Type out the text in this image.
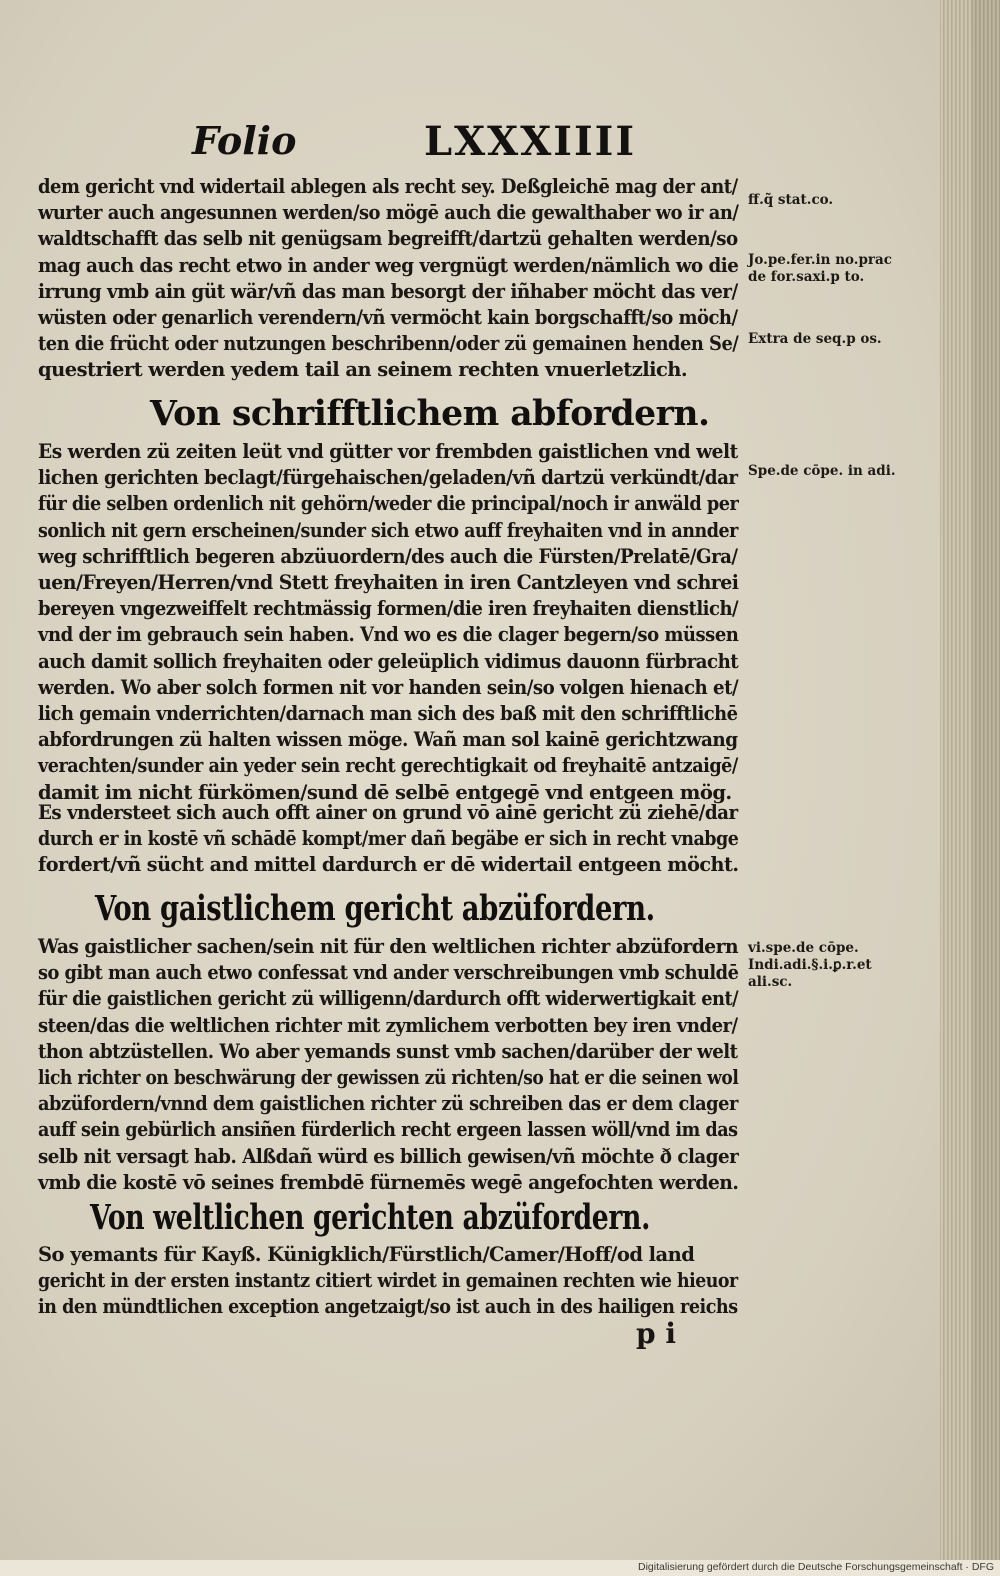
Folio	LXXXIIII
dem gericht vnd widertail ablegen als recht sey. Deßgleichē mag der ant/
wurter auch angesunnen werden/so mögē auch die gewalthaber wo ir an/
waldtschafft das selb nit genügsam begreifft/dartzü gehalten werden/so
mag auch das recht etwo in ander weg vergnügt werden/nämlich wo die
irrung vmb ain güt wär/vñ das man besorgt der iñhaber möcht das ver/
wüsten oder genarlich verendern/vñ vermöcht kain borgschafft/so möch/
ten die frücht oder nutzungen beschribenn/oder zü gemainen henden Se/
questriert werden yedem tail an seinem rechten vnuerletzlich.
Von schrifftlichem abfordern.
Es werden zü zeiten leüt vnd gütter vor frembden gaistlichen vnd welt
lichen gerichten beclagt/fürgehaischen/geladen/vñ dartzü verkündt/dar
für die selben ordenlich nit gehörn/weder die principal/noch ir anwäld per
sonlich nit gern erscheinen/sunder sich etwo auff freyhaiten vnd in annder
weg schrifftlich begeren abzüuordern/des auch die Fürsten/Prelatē/Gra/
uen/Freyen/Herren/vnd Stett freyhaiten in iren Cantzleyen vnd schrei
bereyen vngezweiffelt rechtmässig formen/die iren freyhaiten dienstlich/
vnd der im gebrauch sein haben. Vnd wo es die clager begern/so müssen
auch damit sollich freyhaiten oder geleüplich vidimus dauonn fürbracht
werden. Wo aber solch formen nit vor handen sein/so volgen hienach et/
lich gemain vnderrichten/darnach man sich des baß mit den schrifftlichē
abfordrungen zü halten wissen möge. Wañ man sol kainē gerichtzwang
verachten/sunder ain yeder sein recht gerechtigkait od freyhaitē antzaigē/
damit im nicht fürkömen/sund dē selbē entgegē vnd entgeen mög.
Es vndersteet sich auch offt ainer on grund vō ainē gericht zü ziehē/dar
durch er in kostē vñ schādē kompt/mer dañ begäbe er sich in recht vnabge
fordert/vñ sücht and mittel dardurch er dē widertail entgeen möcht.
Von gaistlichem gericht abzüfordern.
Was gaistlicher sachen/sein nit für den weltlichen richter abzüfordern
so gibt man auch etwo confessat vnd ander verschreibungen vmb schuldē
für die gaistlichen gericht zü willigenn/dardurch offt widerwertigkait ent/
steen/das die weltlichen richter mit zymlichem verbotten bey iren vnder/
thon abtzüstellen. Wo aber yemands sunst vmb sachen/darüber der welt
lich richter on beschwärung der gewissen zü richten/so hat er die seinen wol
abzüfordern/vnnd dem gaistlichen richter zü schreiben das er dem clager
auff sein gebürlich ansiñen fürderlich recht ergeen lassen wöll/vnd im das
selb nit versagt hab. Alßdañ würd es billich gewisen/vñ möchte ð clager
vmb die kostē vō seines frembdē fürnemēs wegē angefochten werden.
Von weltlichen gerichten abzüfordern.
So yemants für Kayß. Künigklich/Fürstlich/Camer/Hoff/od land
gericht in der ersten instantz citiert wirdet in gemainen rechten wie hieuor
in den mündtlichen exception angetzaigt/so ist auch in des hailigen reichs
p i
ff.q̃ stat.co.
Jo.pe.fer.in no.prac
de for.saxi.p to.
Extra de seq.p os.
Spe.de cōpe. in adi.
vi.spe.de cōpe.
Indi.adi.§.i.ꝑ.r.et
ali.sc.
Digitalisierung gefördert durch die Deutsche Forschungsgemeinschaft · DFG
